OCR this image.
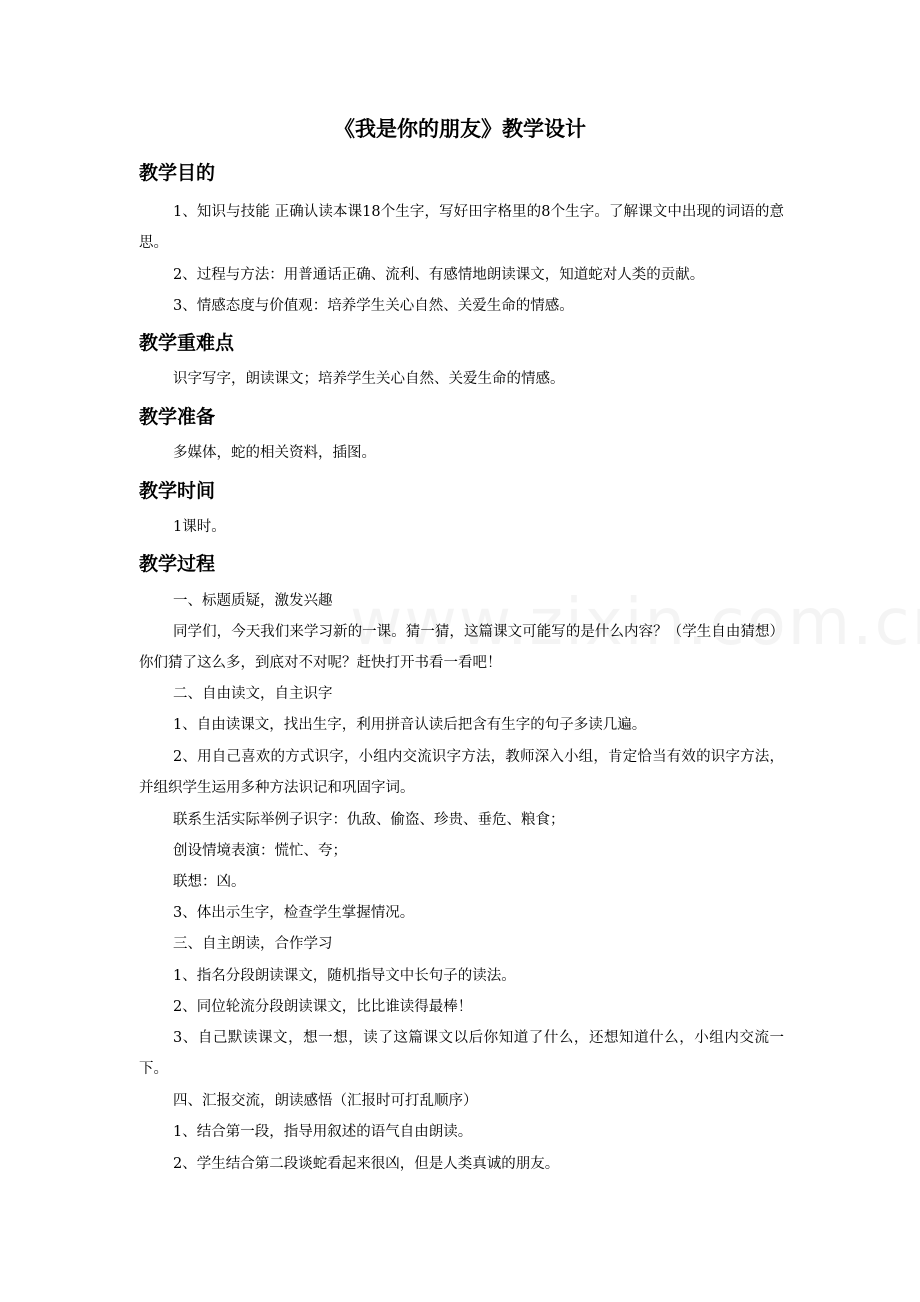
《我是你的朋友》教学设计
教学目的
1、知识与技能 正确认读本课18个生字，写好田字格里的8个生字。了解课文中出现的词语的意思。
2、过程与方法：用普通话正确、流利、有感情地朗读课文，知道蛇对人类的贡献。
3、情感态度与价值观：培养学生关心自然、关爱生命的情感。
教学重难点
识字写字，朗读课文；培养学生关心自然、关爱生命的情感。
教学准备
多媒体，蛇的相关资料，插图。
教学时间
1课时。
教学过程
一、标题质疑，激发兴趣
同学们，今天我们来学习新的一课。猜一猜，这篇课文可能写的是什么内容？（学生自由猜想）你们猜了这么多，到底对不对呢？赶快打开书看一看吧！
二、自由读文，自主识字
1、自由读课文，找出生字，利用拼音认读后把含有生字的句子多读几遍。
2、用自己喜欢的方式识字，小组内交流识字方法，教师深入小组，肯定恰当有效的识字方法，并组织学生运用多种方法识记和巩固字词。
联系生活实际举例子识字：仇敌、偷盗、珍贵、垂危、粮食；
创设情境表演：慌忙、夸；
联想：凶。
3、体出示生字，检查学生掌握情况。
三、自主朗读，合作学习
1、指名分段朗读课文，随机指导文中长句子的读法。
2、同位轮流分段朗读课文，比比谁读得最棒！
3、自己默读课文，想一想，读了这篇课文以后你知道了什么，还想知道什么，小组内交流一下。
四、汇报交流，朗读感悟（汇报时可打乱顺序）
1、结合第一段，指导用叙述的语气自由朗读。
2、学生结合第二段谈蛇看起来很凶，但是人类真诚的朋友。
